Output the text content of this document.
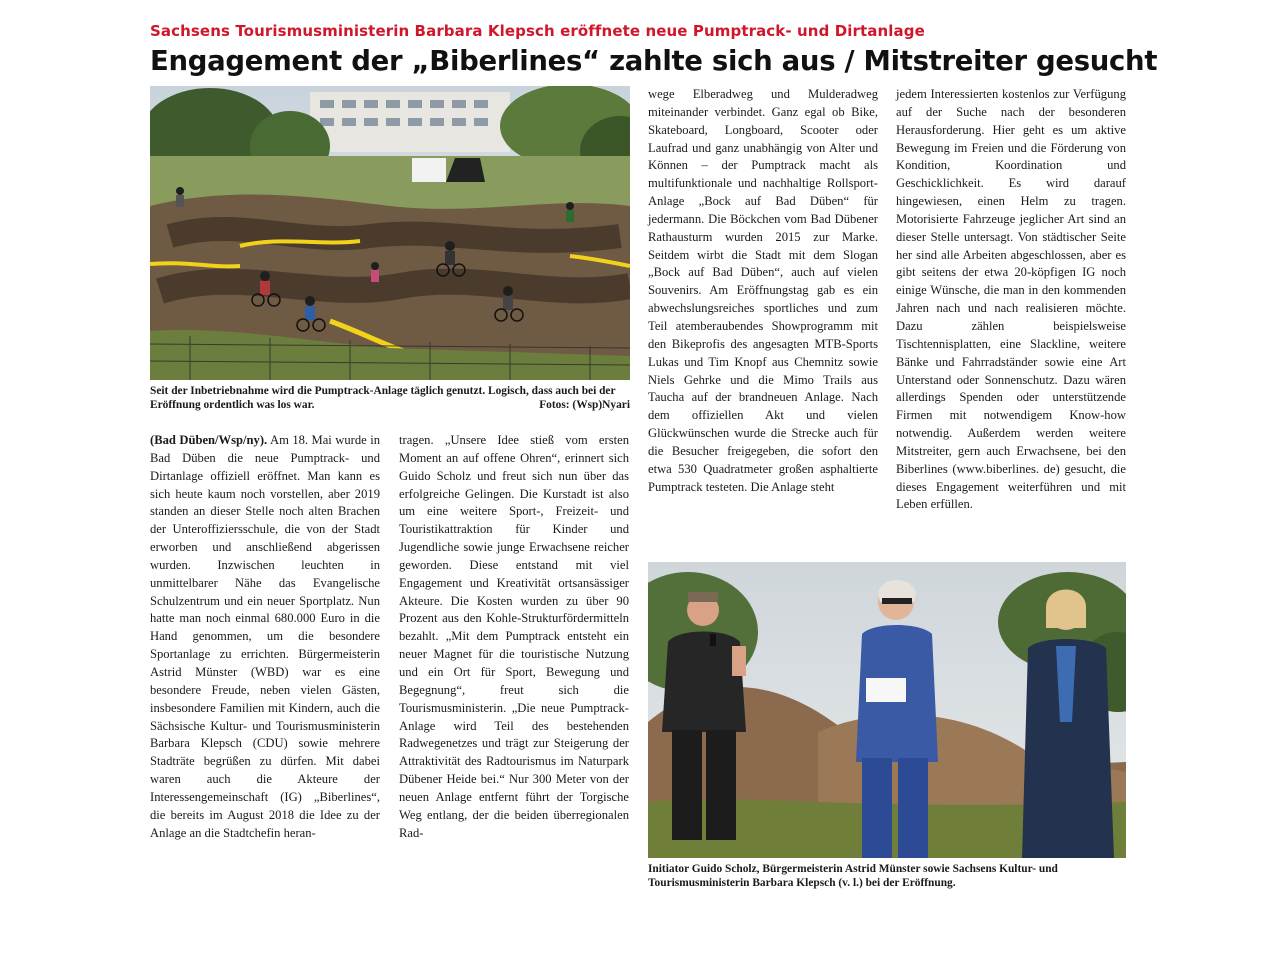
Sachsens Tourismusministerin Barbara Klepsch eröffnete neue Pumptrack- und Dirtanlage
Engagement der „Biberlines“ zahlte sich aus / Mitstreiter gesucht
Seit der Inbetriebnahme wird die Pumptrack-Anlage täglich genutzt. Logisch, dass auch bei der Eröffnung ordentlich was los war.	Fotos: (Wsp)Nyari

(Bad Düben/Wsp/ny). Am 18. Mai wurde in Bad Düben die neue Pumptrack- und Dirtanlage offiziell eröffnet. Man kann es sich heute kaum noch vorstellen, aber 2019 standen an dieser Stelle noch alten Brachen der Unteroffiziersschule, die von der Stadt erworben und anschließend abgerissen wurden. Inzwischen leuchten in unmittelbarer Nähe das Evangelische Schulzentrum und ein neuer Sportplatz. Nun hatte man noch einmal 680.000 Euro in die Hand genommen, um die besondere Sportanlage zu errichten. Bürgermeisterin Astrid Münster (WBD) war es eine besondere Freude, neben vielen Gästen, insbesondere Familien mit Kindern, auch die Sächsische Kultur- und Tourismusministerin Barbara Klepsch (CDU) sowie mehrere Stadträte begrüßen zu dürfen. Mit dabei waren auch die Akteure der Interessengemeinschaft (IG) „Biberlines“, die bereits im August 2018 die Idee zu der Anlage an die Stadtchefin heran-

tragen. „Unsere Idee stieß vom ersten Moment an auf offene Ohren“, erinnert sich Guido Scholz und freut sich nun über das erfolgreiche Gelingen. Die Kurstadt ist also um eine weitere Sport-, Freizeit- und Touristikattraktion für Kinder und Jugendliche sowie junge Erwachsene reicher geworden. Diese entstand mit viel Engagement und Kreativität ortsansässiger Akteure. Die Kosten wurden zu über 90 Prozent aus den Kohle-Strukturfördermitteln bezahlt. „Mit dem Pumptrack entsteht ein neuer Magnet für die touristische Nutzung und ein Ort für Sport, Bewegung und Begegnung“, freut sich die Tourismusministerin. „Die neue Pumptrack-Anlage wird Teil des bestehenden Radwegenetzes und trägt zur Steigerung der Attraktivität des Radtourismus im Naturpark Dübener Heide bei.“ Nur 300 Meter von der neuen Anlage entfernt führt der Torgische Weg entlang, der die beiden überregionalen Rad-

wege Elberadweg und Mulderadweg miteinander verbindet. Ganz egal ob Bike, Skateboard, Longboard, Scooter oder Laufrad und ganz unabhängig von Alter und Können – der Pumptrack macht als multifunktionale und nachhaltige Rollsport-Anlage „Bock auf Bad Düben“ für jedermann. Die Böckchen vom Bad Dübener Rathausturm wurden 2015 zur Marke. Seitdem wirbt die Stadt mit dem Slogan „Bock auf Bad Düben“, auch auf vielen Souvenirs. Am Eröffnungstag gab es ein abwechslungsreiches sportliches und zum Teil atemberaubendes Showprogramm mit den Bikeprofis des angesagten MTB-Sports Lukas und Tim Knopf aus Chemnitz sowie Niels Gehrke und die Mimo Trails aus Taucha auf der brandneuen Anlage. Nach dem offiziellen Akt und vielen Glückwünschen wurde die Strecke auch für die Besucher freigegeben, die sofort den etwa 530 Quadratmeter großen asphaltierte Pumptrack testeten. Die Anlage steht

jedem Interessierten kostenlos zur Verfügung auf der Suche nach der besonderen Herausforderung. Hier geht es um aktive Bewegung im Freien und die Förderung von Kondition, Koordination und Geschicklichkeit. Es wird darauf hingewiesen, einen Helm zu tragen. Motorisierte Fahrzeuge jeglicher Art sind an dieser Stelle untersagt. Von städtischer Seite her sind alle Arbeiten abgeschlossen, aber es gibt seitens der etwa 20-köpfigen IG noch einige Wünsche, die man in den kommenden Jahren nach und nach realisieren möchte. Dazu zählen beispielsweise Tischtennisplatten, eine Slackline, weitere Bänke und Fahrradständer sowie eine Art Unterstand oder Sonnenschutz. Dazu wären allerdings Spenden oder unterstützende Firmen mit notwendigem Know-how notwendig. Außerdem werden weitere Mitstreiter, gern auch Erwachsene, bei den Biberlines (www.biberlines. de) gesucht, die dieses Engagement weiterführen und mit Leben erfüllen.

Initiator Guido Scholz, Bürgermeisterin Astrid Münster sowie Sachsens Kultur- und Tourismusministerin Barbara Klepsch (v. l.) bei der Eröffnung.
